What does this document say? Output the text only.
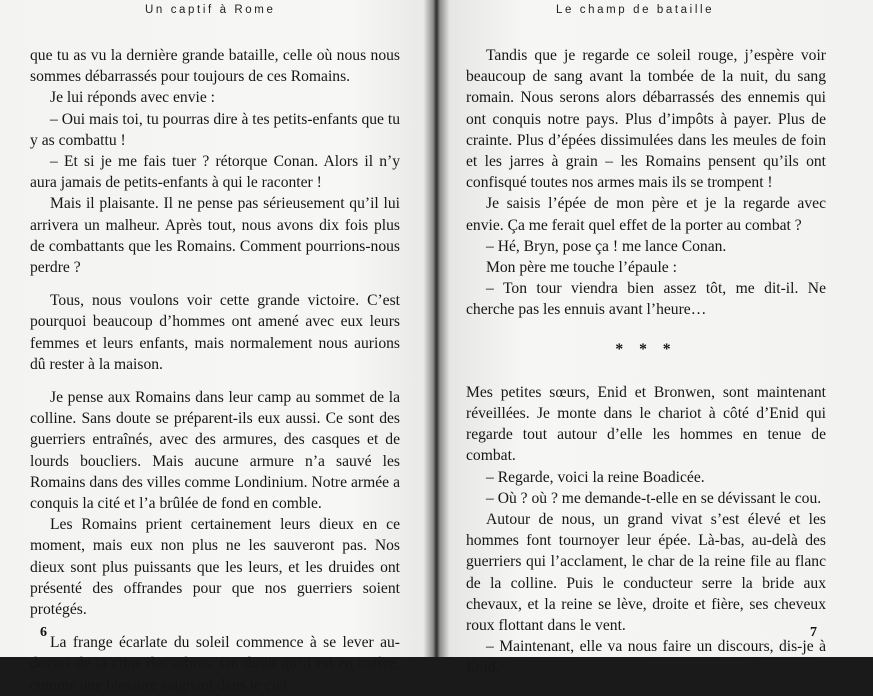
Un captif à Rome

que tu as vu la dernière grande bataille, celle où nous nous sommes débarrassés pour toujours de ces Romains.

Je lui réponds avec envie :

– Oui mais toi, tu pourras dire à tes petits-enfants que tu y as combattu !

– Et si je me fais tuer ? rétorque Conan. Alors il n’y aura jamais de petits-enfants à qui le raconter !

Mais il plaisante. Il ne pense pas sérieusement qu’il lui arrivera un malheur. Après tout, nous avons dix fois plus de combattants que les Romains. Comment pourrions-nous perdre ?

Tous, nous voulons voir cette grande victoire. C’est pourquoi beaucoup d’hommes ont amené avec eux leurs femmes et leurs enfants, mais normalement nous aurions dû rester à la maison.

Je pense aux Romains dans leur camp au sommet de la colline. Sans doute se préparent-ils eux aussi. Ce sont des guerriers entraînés, avec des armures, des casques et de lourds boucliers. Mais aucune armure n’a sauvé les Romains dans des villes comme Londinium. Notre armée a conquis la cité et l’a brûlée de fond en comble.

Les Romains prient certainement leurs dieux en ce moment, mais eux non plus ne les sauveront pas. Nos dieux sont plus puissants que les leurs, et les druides ont présenté des offrandes pour que nos guerriers soient protégés.

La frange écarlate du soleil commence à se lever au-dessus de la cime des arbres. On dirait qu’il est en colère, comme une blessure saignant dans le ciel.

6
Le champ de bataille

Tandis que je regarde ce soleil rouge, j’espère voir beaucoup de sang avant la tombée de la nuit, du sang romain. Nous serons alors débarrassés des ennemis qui ont conquis notre pays. Plus d’impôts à payer. Plus de crainte. Plus d’épées dissimulées dans les meules de foin et les jarres à grain – les Romains pensent qu’ils ont confisqué toutes nos armes mais ils se trompent !

Je saisis l’épée de mon père et je la regarde avec envie. Ça me ferait quel effet de la porter au combat ?

– Hé, Bryn, pose ça ! me lance Conan.

Mon père me touche l’épaule :

– Ton tour viendra bien assez tôt, me dit-il. Ne cherche pas les ennuis avant l’heure…

* * *

Mes petites sœurs, Enid et Bronwen, sont maintenant réveillées. Je monte dans le chariot à côté d’Enid qui regarde tout autour d’elle les hommes en tenue de combat.

– Regarde, voici la reine Boadicée.

– Où ? où ? me demande-t-elle en se dévissant le cou.

Autour de nous, un grand vivat s’est élevé et les hommes font tournoyer leur épée. Là-bas, au-delà des guerriers qui l’acclament, le char de la reine file au flanc de la colline. Puis le conducteur serre la bride aux chevaux, et la reine se lève, droite et fière, ses cheveux roux flottant dans le vent.

– Maintenant, elle va nous faire un discours, dis-je à Enid.

7
